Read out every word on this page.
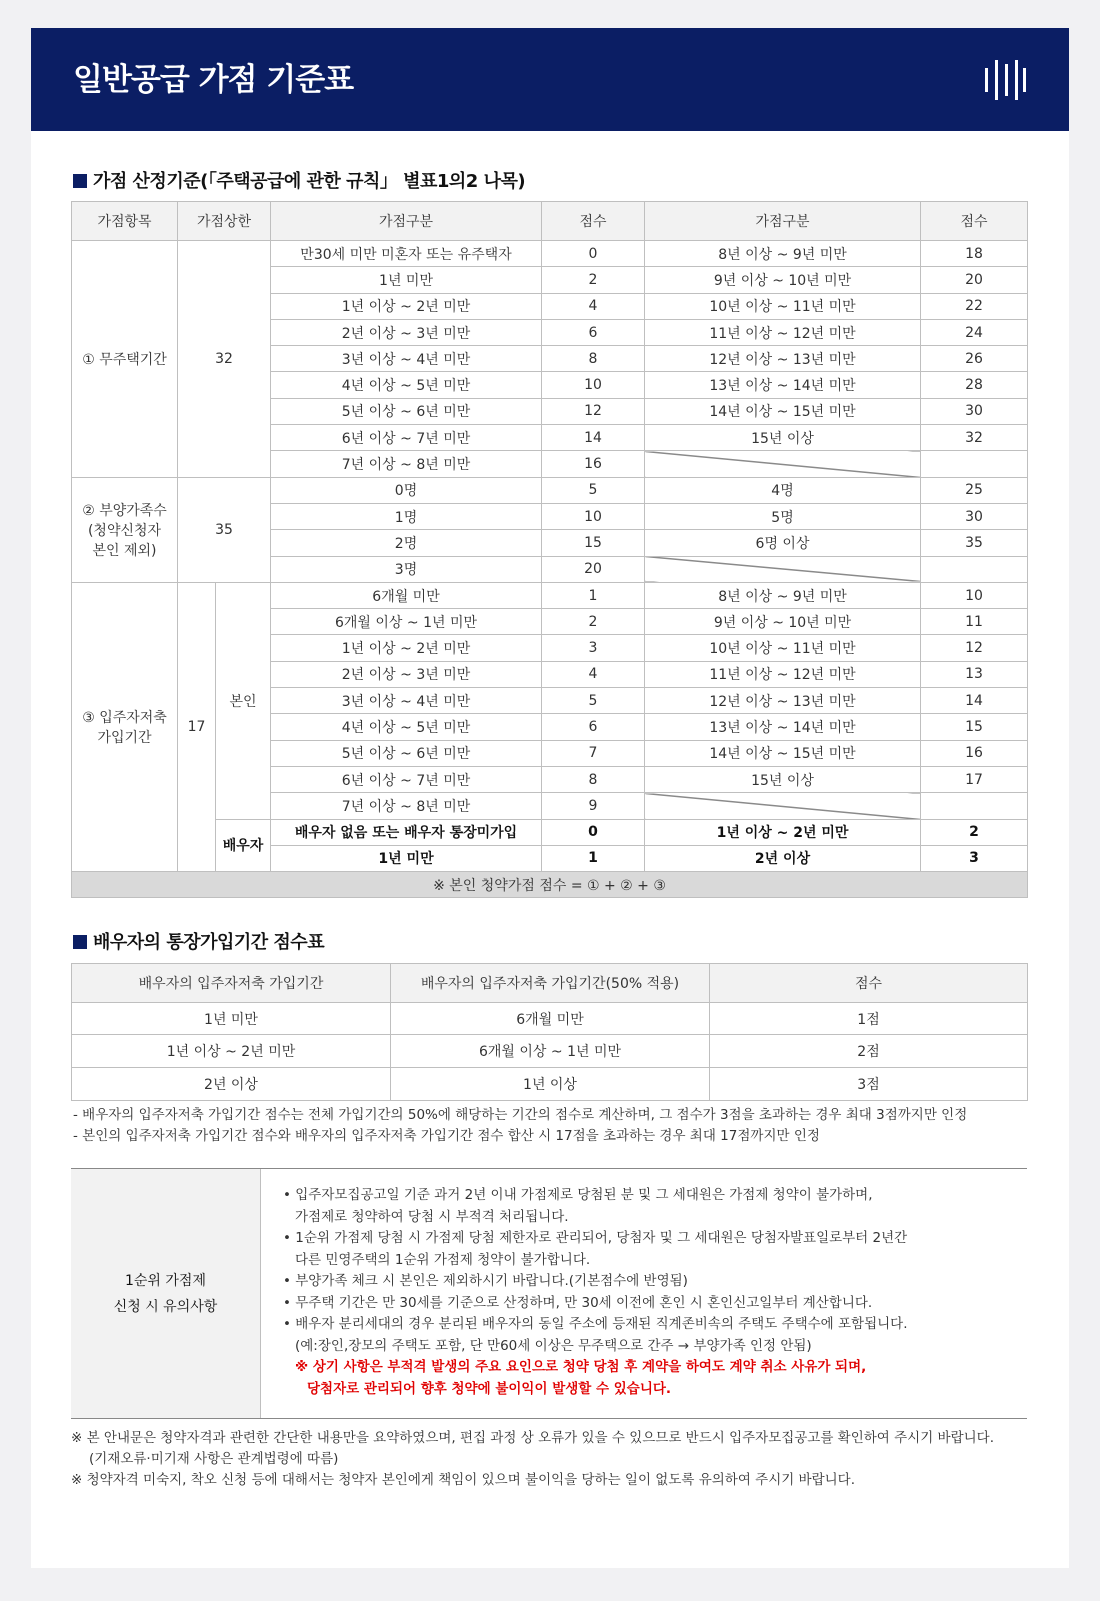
일반공급 가점 기준표
가점 산정기준(「주택공급에 관한 규칙」 별표1의2 나목)
가점항목	가점상한		가점구분	점수	가점구분	점수
① 무주택기간	32		만30세 미만 미혼자 또는 유주택자	0	8년 이상 ~ 9년 미만	18
			1년 미만	2	9년 이상 ~ 10년 미만	20
			1년 이상 ~ 2년 미만	4	10년 이상 ~ 11년 미만	22
			2년 이상 ~ 3년 미만	6	11년 이상 ~ 12년 미만	24
			3년 이상 ~ 4년 미만	8	12년 이상 ~ 13년 미만	26
			4년 이상 ~ 5년 미만	10	13년 이상 ~ 14년 미만	28
			5년 이상 ~ 6년 미만	12	14년 이상 ~ 15년 미만	30
			6년 이상 ~ 7년 미만	14	15년 이상	32
			7년 이상 ~ 8년 미만	16		

② 부양가족수
(청약신청자
본인 제외)	35		0명	5	4명	25
			1명	10	5명	30
			2명	15	6명 이상	35
			3명	20		

③ 입주자저축
가입기간	17	본인	6개월 미만	1	8년 이상 ~ 9년 미만	10
			6개월 이상 ~ 1년 미만	2	9년 이상 ~ 10년 미만	11
			1년 이상 ~ 2년 미만	3	10년 이상 ~ 11년 미만	12
			2년 이상 ~ 3년 미만	4	11년 이상 ~ 12년 미만	13
			3년 이상 ~ 4년 미만	5	12년 이상 ~ 13년 미만	14
			4년 이상 ~ 5년 미만	6	13년 이상 ~ 14년 미만	15
			5년 이상 ~ 6년 미만	7	14년 이상 ~ 15년 미만	16
			6년 이상 ~ 7년 미만	8	15년 이상	17
			7년 이상 ~ 8년 미만	9		
		배우자	배우자 없음 또는 배우자 통장미가입	0	1년 이상 ~ 2년 미만	2
			1년 미만	1	2년 이상	3
※ 본인 청약가점 점수 = ① + ② + ③						
배우자의 통장가입기간 점수표
배우자의 입주자저축 가입기간	배우자의 입주자저축 가입기간(50% 적용)	점수
1년 미만	6개월 미만	1점
1년 이상 ~ 2년 미만	6개월 이상 ~ 1년 미만	2점
2년 이상	1년 이상	3점
- 배우자의 입주자저축 가입기간 점수는 전체 가입기간의 50%에 해당하는 기간의 점수로 계산하며, 그 점수가 3점을 초과하는 경우 최대 3점까지만 인정
- 본인의 입주자저축 가입기간 점수와 배우자의 입주자저축 가입기간 점수 합산 시 17점을 초과하는 경우 최대 17점까지만 인정
1순위 가점제
신청 시 유의사항
• 입주자모집공고일 기준 과거 2년 이내 가점제로 당첨된 분 및 그 세대원은 가점제 청약이 불가하며,
가점제로 청약하여 당첨 시 부적격 처리됩니다.
• 1순위 가점제 당첨 시 가점제 당첨 제한자로 관리되어, 당첨자 및 그 세대원은 당첨자발표일로부터 2년간
다른 민영주택의 1순위 가점제 청약이 불가합니다.
• 부양가족 체크 시 본인은 제외하시기 바랍니다.(기본점수에 반영됨)
• 무주택 기간은 만 30세를 기준으로 산정하며, 만 30세 이전에 혼인 시 혼인신고일부터 계산합니다.
• 배우자 분리세대의 경우 분리된 배우자의 동일 주소에 등재된 직계존비속의 주택도 주택수에 포함됩니다.
(예:장인,장모의 주택도 포함, 단 만60세 이상은 무주택으로 간주 → 부양가족 인정 안됨)
※ 상기 사항은 부적격 발생의 주요 요인으로 청약 당첨 후 계약을 하여도 계약 취소 사유가 되며,
당첨자로 관리되어 향후 청약에 불이익이 발생할 수 있습니다.
※ 본 안내문은 청약자격과 관련한 간단한 내용만을 요약하였으며, 편집 과정 상 오류가 있을 수 있으므로 반드시 입주자모집공고를 확인하여 주시기 바랍니다.
(기재오류·미기재 사항은 관계법령에 따름)
※ 청약자격 미숙지, 착오 신청 등에 대해서는 청약자 본인에게 책임이 있으며 불이익을 당하는 일이 없도록 유의하여 주시기 바랍니다.
